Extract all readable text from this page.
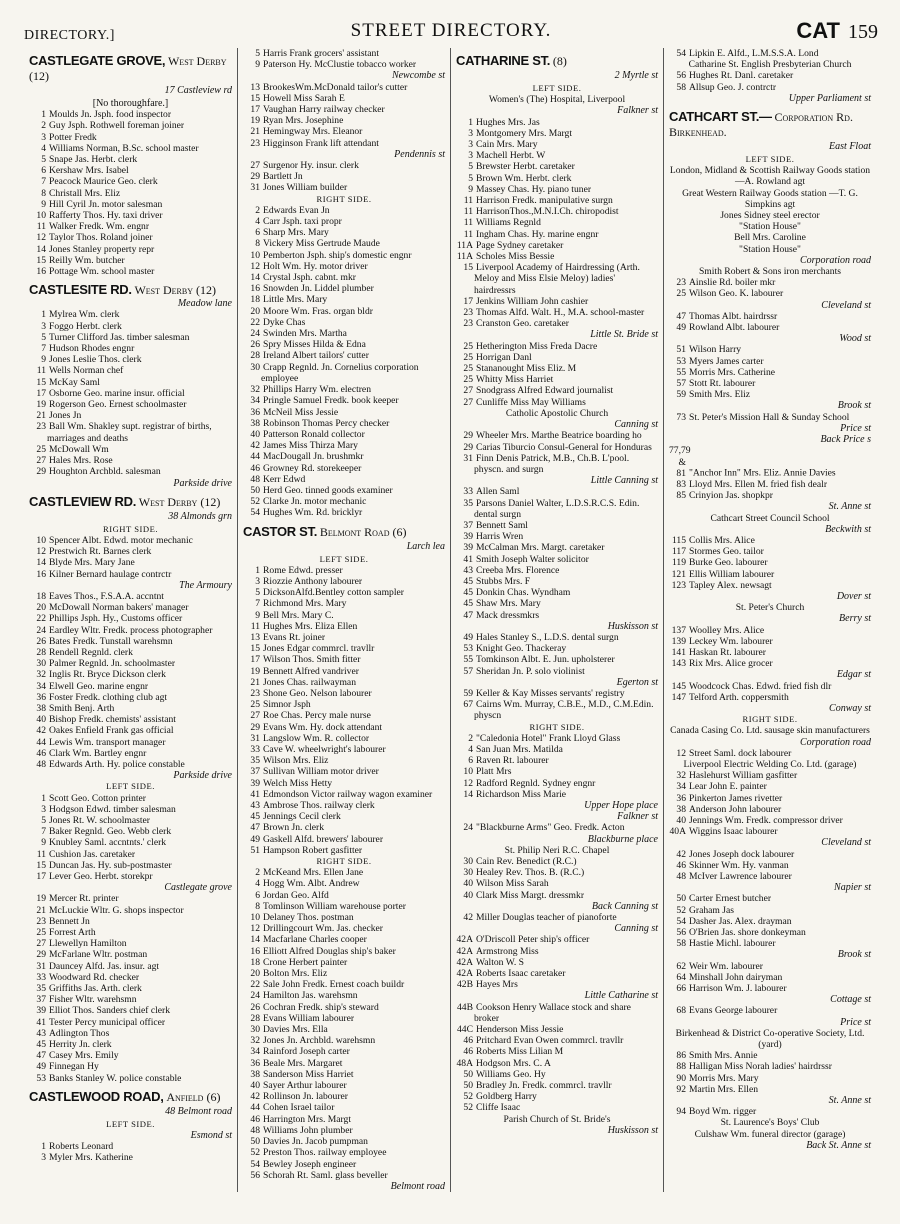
DIRECTORY.]	STREET DIRECTORY.	CAT 159
CASTLEGATE GROVE, West Derby (12)
17 Castleview rd
[No thoroughfare.]
1 Moulds Jn. Jsph. food inspector
2 Guy Jsph. Rothwell foreman joiner
3 Potter Fredk
4 Williams Norman, B.Sc. school master
5 Snape Jas. Herbt. clerk
6 Kershaw Mrs. Isabel
7 Peacock Maurice Geo. clerk
8 Christall Mrs. Eliz
9 Hill Cyril Jn. motor salesman
10 Rafferty Thos. Hy. taxi driver
11 Walker Fredk. Wm. engnr
12 Taylor Thos. Roland joiner
14 Jones Stanley property repr
15 Reilly Wm. butcher
16 Pottage Wm. school master
CASTLESITE RD. West Derby (12)
Meadow lane
1 Mylrea Wm. clerk
3 Foggo Herbt. clerk
5 Turner Clifford Jas. timber salesman
7 Hudson Rhodes engnr
9 Jones Leslie Thos. clerk
11 Wells Norman chef
15 McKay Saml
17 Osborne Geo. marine insur. official
19 Rogerson Geo. Ernest schoolmaster
21 Jones Jn
23 Ball Wm. Shakley supt. registrar of births, marriages and deaths
25 McDowall Wm
27 Hales Mrs. Rose
29 Houghton Archbld. salesman
Parkside drive
CASTLEVIEW RD. West Derby (12)
38 Almonds grn
RIGHT SIDE.
10 Spencer Albt. Edwd. motor mechanic
12 Prestwich Rt. Barnes clerk
14 Blyde Mrs. Mary Jane
16 Kilner Bernard haulage contrctr
The Armoury
18 Eaves Thos., F.S.A.A. accntnt
20 McDowall Norman bakers' manager
22 Phillips Jsph. Hy., Customs officer
24 Eardley Wltr. Fredk. process photographer
26 Bates Fredk. Tunstall warehsmn
28 Rendell Regnld. clerk
30 Palmer Regnld. Jn. schoolmaster
32 Inglis Rt. Bryce Dickson clerk
34 Elwell Geo. marine engnr
36 Foster Fredk. clothing club agt
38 Smith Benj. Arth
40 Bishop Fredk. chemists' assistant
42 Oakes Enfield Frank gas official
44 Lewis Wm. transport manager
46 Clark Wm. Bartley engnr
48 Edwards Arth. Hy. police constable
Parkside drive
LEFT SIDE.
1 Scott Geo. Cotton printer
3 Hodgson Edwd. timber salesman
5 Jones Rt. W. schoolmaster
7 Baker Regnld. Geo. Webb clerk
9 Knubley Saml. accntnts.' clerk
11 Cushion Jas. caretaker
15 Duncan Jas. Hy. sub-postmaster
17 Lever Geo. Herbt. storekpr
Castlegate grove
19 Mercer Rt. printer
21 McLuckie Wltr. G. shops inspector
23 Bennett Jn
25 Forrest Arth
27 Llewellyn Hamilton
29 McFarlane Wltr. postman
31 Dauncey Alfd. Jas. insur. agt
33 Woodward Rd. checker
35 Griffiths Jas. Arth. clerk
37 Fisher Wltr. warehsmn
39 Elliot Thos. Sanders chief clerk
41 Tester Percy municipal officer
43 Adlington Thos
45 Herrity Jn. clerk
47 Casey Mrs. Emily
49 Finnegan Hy
53 Banks Stanley W. police constable
CASTLEWOOD ROAD, Anfield (6)
48 Belmont road
LEFT SIDE.
Esmond st
1 Roberts Leonard
3 Myler Mrs. Katherine
5 Harris Frank grocers' assistant
9 Paterson Hy. McClustie tobacco worker
Newcombe st
13 BrookesWm.McDonald tailor's cutter
15 Howell Miss Sarah E
17 Vaughan Harry railway checker
19 Ryan Mrs. Josephine
21 Hemingway Mrs. Eleanor
23 Higginson Frank lift attendant
Pendennis st
27 Surgenor Hy. insur. clerk
29 Bartlett Jn
31 Jones William builder
RIGHT SIDE.
2 Edwards Evan Jn
4 Carr Jsph. taxi propr
6 Sharp Mrs. Mary
8 Vickery Miss Gertrude Maude
10 Pemberton Jsph. ship's domestic engnr
12 Holt Wm. Hy. motor driver
14 Crystal Jsph. cabnt. mkr
16 Snowden Jn. Liddel plumber
18 Little Mrs. Mary
20 Moore Wm. Fras. organ bldr
22 Dyke Chas
24 Swinden Mrs. Martha
26 Spry Misses Hilda & Edna
28 Ireland Albert tailors' cutter
30 Crapp Regnld. Jn. Cornelius corporation employee
32 Phillips Harry Wm. electren
34 Pringle Samuel Fredk. book keeper
36 McNeil Miss Jessie
38 Robinson Thomas Percy checker
40 Patterson Ronald collector
42 James Miss Thirza Mary
44 MacDougall Jn. brushmkr
46 Growney Rd. storekeeper
48 Kerr Edwd
50 Herd Geo. tinned goods examiner
52 Clarke Jn. motor mechanic
54 Hughes Wm. Rd. bricklyr
CASTOR ST. Belmont Road (6)
Larch lea
LEFT SIDE.
1 Rome Edwd. presser
3 Riozzie Anthony labourer
5 DicksonAlfd.Bentley cotton sampler
7 Richmond Mrs. Mary
9 Bell Mrs. Mary C.
11 Hughes Mrs. Eliza Ellen
13 Evans Rt. joiner
15 Jones Edgar commrcl. travllr
17 Wilson Thos. Smith fitter
19 Bennett Alfred vandriver
21 Jones Chas. railwayman
23 Shone Geo. Nelson labourer
25 Simnor Jsph
27 Roe Chas. Percy male nurse
29 Evans Wm. Hy. dock attendant
31 Langslow Wm. R. collector
33 Cave W. wheelwright's labourer
35 Wilson Mrs. Eliz
37 Sullivan William motor driver
39 Welch Miss Hetty
41 Edmondson Victor railway wagon examiner
43 Ambrose Thos. railway clerk
45 Jennings Cecil clerk
47 Brown Jn. clerk
49 Gaskell Alfd. brewers' labourer
51 Hampson Robert gasfitter
RIGHT SIDE.
2 McKeand Mrs. Ellen Jane
4 Hogg Wm. Albt. Andrew
6 Jordan Geo. Alfd
8 Tomlinson William warehouse porter
10 Delaney Thos. postman
12 Drillingcourt Wm. Jas. checker
14 Macfarlane Charles cooper
16 Elliott Alfred Douglas ship's baker
18 Crone Herbert painter
20 Bolton Mrs. Eliz
22 Sale John Fredk. Ernest coach buildr
24 Hamilton Jas. warehsmn
26 Cochran Fredk. ship's steward
28 Evans William labourer
30 Davies Mrs. Ella
32 Jones Jn. Archbld. warehsmn
34 Rainford Joseph carter
36 Beale Mrs. Margaret
38 Sanderson Miss Harriet
40 Sayer Arthur labourer
42 Rollinson Jn. labourer
44 Cohen Israel tailor
46 Harrington Mrs. Margt
48 Williams John plumber
50 Davies Jn. Jacob pumpman
52 Preston Thos. railway employee
54 Bewley Joseph engineer
56 Schorah Rt. Saml. glass beveller
Belmont road
CATHARINE ST. (8)
2 Myrtle st
LEFT SIDE.
Women's (The) Hospital, Liverpool
Falkner st
1 Hughes Mrs. Jas
3 Montgomery Mrs. Margt
3 Cain Mrs. Mary
3 Machell Herbt. W
5 Brewster Herbt. caretaker
5 Brown Wm. Herbt. clerk
9 Massey Chas. Hy. piano tuner
11 Harrison Fredk. manipulative surgn
11 HarrisonThos.,M.N.I.Ch. chiropodist
11 Williams Regnld
11 Ingham Chas. Hy. marine engnr
11A Page Sydney caretaker
11A Scholes Miss Bessie
15 Liverpool Academy of Hairdressing (Arth. Meloy and Miss Elsie Meloy) ladies' hairdressrs
17 Jenkins William John cashier
23 Thomas Alfd. Walt. H., M.A. school-master
23 Cranston Geo. caretaker
Little St. Bride st
25 Hetherington Miss Freda Dacre
25 Horrigan Danl
25 Stananought Miss Eliz. M
25 Whitty Miss Harriet
27 Snodgrass Alfred Edward journalist
27 Cunliffe Miss May Williams
Catholic Apostolic Church
Canning st
29 Wheeler Mrs. Marthe Beatrice boarding ho
29 Carias Tiburcio Consul-General for Honduras
31 Finn Denis Patrick, M.B., Ch.B. L'pool. physcn. and surgn
Little Canning st
33 Allen Saml
35 Parsons Daniel Walter, L.D.S.R.C.S. Edin. dental surgn
37 Bennett Saml
39 Harris Wren
39 McCalman Mrs. Margt. caretaker
41 Smith Joseph Walter solicitor
43 Creeba Mrs. Florence
45 Stubbs Mrs. F
45 Donkin Chas. Wyndham
45 Shaw Mrs. Mary
47 Mack dressmkrs
Huskisson st
49 Hales Stanley S., L.D.S. dental surgn
53 Knight Geo. Thackeray
55 Tomkinson Albt. E. Jun. upholsterer
57 Sheridan Jn. P. solo violinist
Egerton st
59 Keller & Kay Misses servants' registry
67 Cairns Wm. Murray, C.B.E., M.D., C.M.Edin. physcn
RIGHT SIDE.
2 "Caledonia Hotel" Frank Lloyd Glass
4 San Juan Mrs. Matilda
6 Raven Rt. labourer
10 Platt Mrs
12 Radford Regnld. Sydney engnr
14 Richardson Miss Marie
Upper Hope place
Falkner st
24 "Blackburne Arms" Geo. Fredk. Acton
Blackburne place
St. Philip Neri R.C. Chapel
30 Cain Rev. Benedict (R.C.)
30 Healey Rev. Thos. B. (R.C.)
40 Wilson Miss Sarah
40 Clark Miss Margt. dressmkr
Back Canning st
42 Miller Douglas teacher of pianoforte
Canning st
42A O'Driscoll Peter ship's officer
42A Armstrong Miss
42A Walton W. S
42A Roberts Isaac caretaker
42B Hayes Mrs
Little Catharine st
44B Cookson Henry Wallace stock and share broker
44C Henderson Miss Jessie
46 Pritchard Evan Owen commrcl. travllr
46 Roberts Miss Lilian M
48A Hodgson Mrs. C. A
50 Williams Geo. Hy
50 Bradley Jn. Fredk. commrcl. travllr
52 Goldberg Harry
52 Cliffe Isaac
Parish Church of St. Bride's
Huskisson st
54 Lipkin E. Alfd., L.M.S.S.A. Lond
Catharine St. English Presbyterian Church
56 Hughes Rt. Danl. caretaker
58 Allsup Geo. J. contrctr
Upper Parliament st
CATHCART ST.— Corporation Rd. Birkenhead.
East Float
LEFT SIDE.
London, Midland & Scottish Railway Goods station—A. Rowland agt
Great Western Railway Goods station —T. G. Simpkins agt
Jones Sidney steel erector
"Station House"
Bell Mrs. Caroline
"Station House"
Corporation road
Smith Robert & Sons iron merchants
23 Ainslie Rd. boiler mkr
25 Wilson Geo. K. labourer
Cleveland st
47 Thomas Albt. hairdrssr
49 Rowland Albt. labourer
Wood st
51 Wilson Harry
53 Myers James carter
55 Morris Mrs. Catherine
57 Stott Rt. labourer
59 Smith Mrs. Eliz
Brook st
73 St. Peter's Mission Hall & Sunday School
Price st
Back Price s
77,79 & 81 "Anchor Inn" Mrs. Eliz. Annie Davies
83 Lloyd Mrs. Ellen M. fried fish dealr
85 Crinyion Jas. shopkpr
St. Anne st
Cathcart Street Council School
Beckwith st
115 Collis Mrs. Alice
117 Stormes Geo. tailor
119 Burke Geo. labourer
121 Ellis William labourer
123 Tapley Alex. newsagt
Dover st
St. Peter's Church
Berry st
137 Woolley Mrs. Alice
139 Leckey Wm. labourer
141 Haskan Rt. labourer
143 Rix Mrs. Alice grocer
Edgar st
145 Woodcock Chas. Edwd. fried fish dlr
147 Telford Arth. coppersmith
Conway st
RIGHT SIDE.
Canada Casing Co. Ltd. sausage skin manufacturers
Corporation road
12 Street Saml. dock labourer
Liverpool Electric Welding Co. Ltd. (garage)
32 Haslehurst William gasfitter
34 Lear John E. painter
36 Pinkerton James rivetter
38 Anderson John labourer
40 Jennings Wm. Fredk. compressor driver
40A Wiggins Isaac labourer
Cleveland st
42 Jones Joseph dock labourer
46 Skinner Wm. Hy. vanman
48 McIver Lawrence labourer
Napier st
50 Carter Ernest butcher
52 Graham Jas
54 Dasher Jas. Alex. drayman
56 O'Brien Jas. shore donkeyman
58 Hastie Michl. labourer
Brook st
62 Weir Wm. labourer
64 Minshall John dairyman
66 Harrison Wm. J. labourer
Cottage st
68 Evans George labourer
Price st
Birkenhead & District Co-operative Society, Ltd. (yard)
86 Smith Mrs. Annie
88 Halligan Miss Norah ladies' hairdrssr
90 Morris Mrs. Mary
92 Martin Mrs. Ellen
St. Anne st
94 Boyd Wm. rigger
St. Laurence's Boys' Club
Culshaw Wm. funeral director (garage)
Back St. Anne st
